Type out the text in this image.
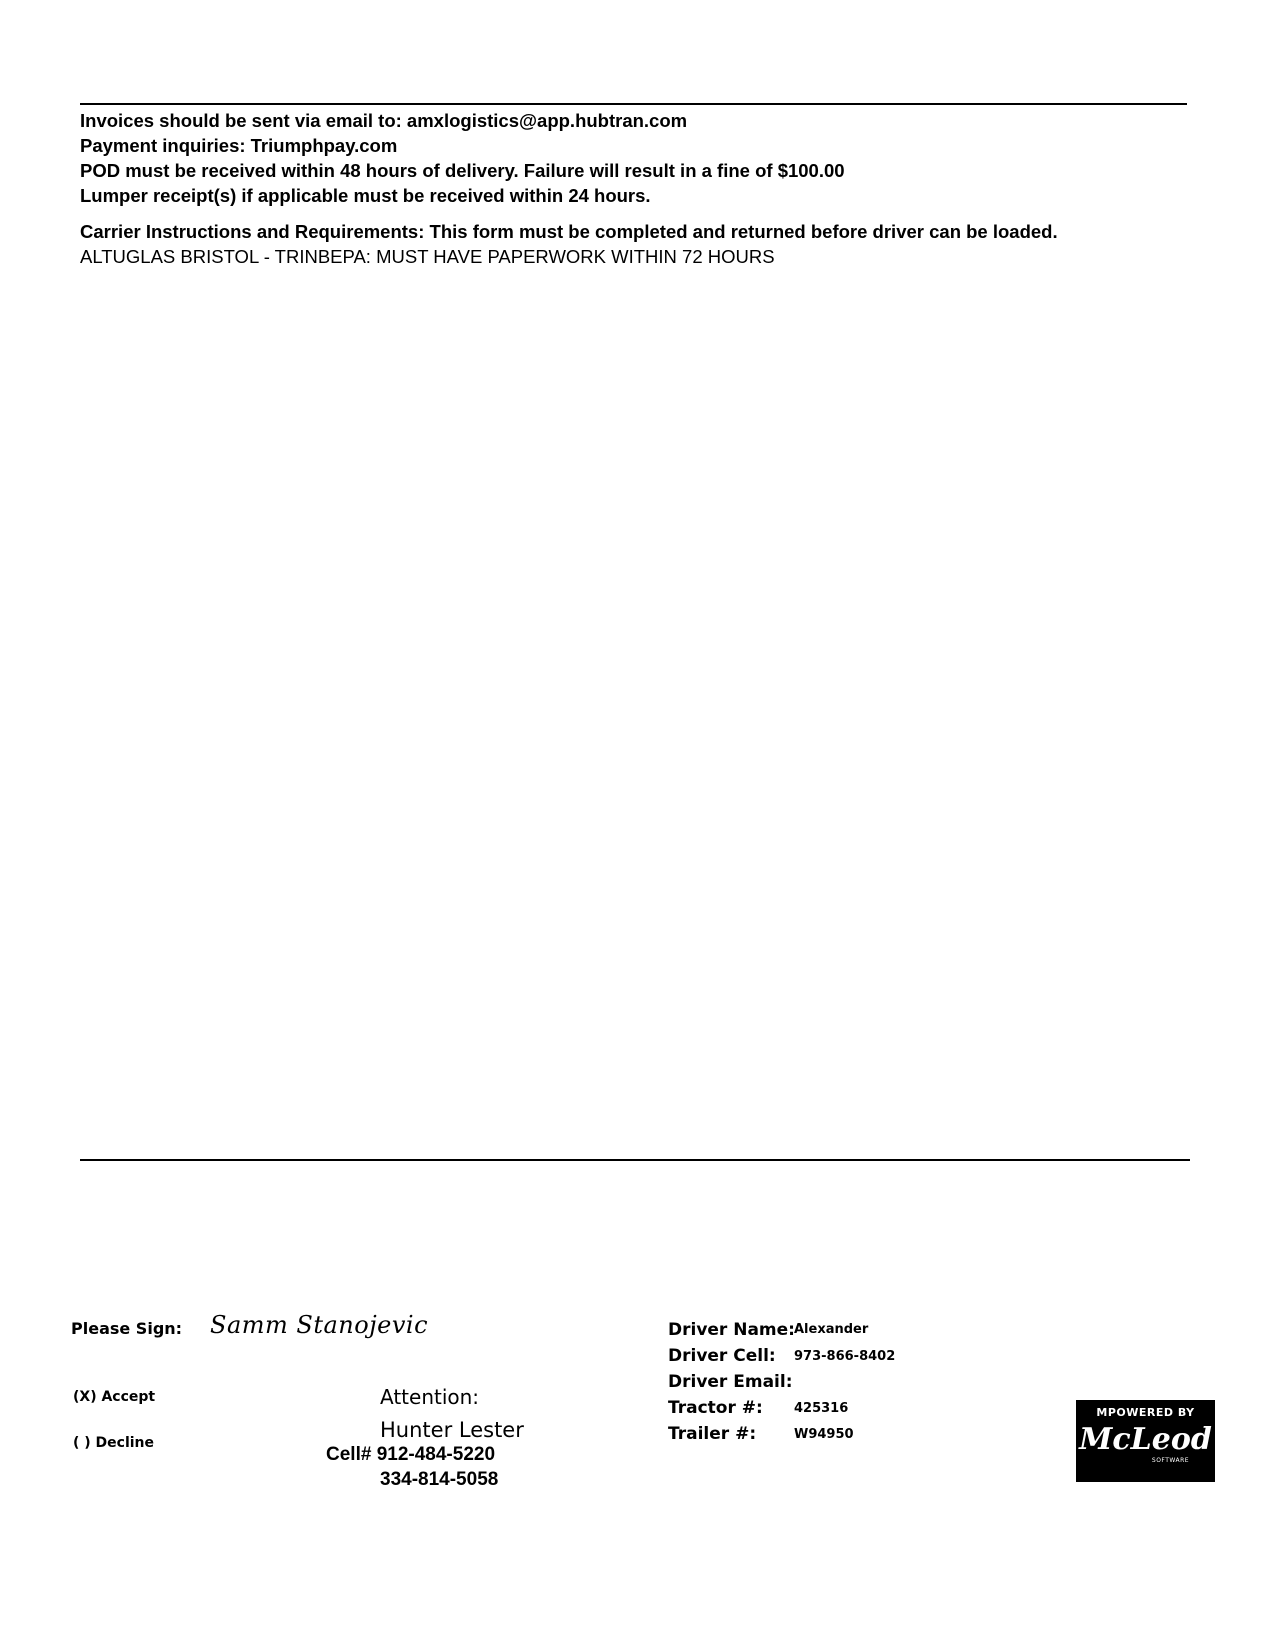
Invoices should be sent via email to: amxlogistics@app.hubtran.com
Payment inquiries: Triumphpay.com
POD must be received within 48 hours of delivery. Failure will result in a fine of $100.00
Lumper receipt(s) if applicable must be received within 24 hours.
Carrier Instructions and Requirements: This form must be completed and returned before driver can be loaded.
ALTUGLAS BRISTOL - TRINBEPA: MUST HAVE PAPERWORK WITHIN 72 HOURS
Please Sign: Samm Stanojevic
(X) Accept
( ) Decline
Attention:
Hunter Lester
Cell# 912-484-5220
334-814-5058
Driver Name: Alexander
Driver Cell: 973-866-8402
Driver Email:
Tractor #: 425316
Trailer #:	W94950
MPOWERED BY
McLeod
SOFTWARE
